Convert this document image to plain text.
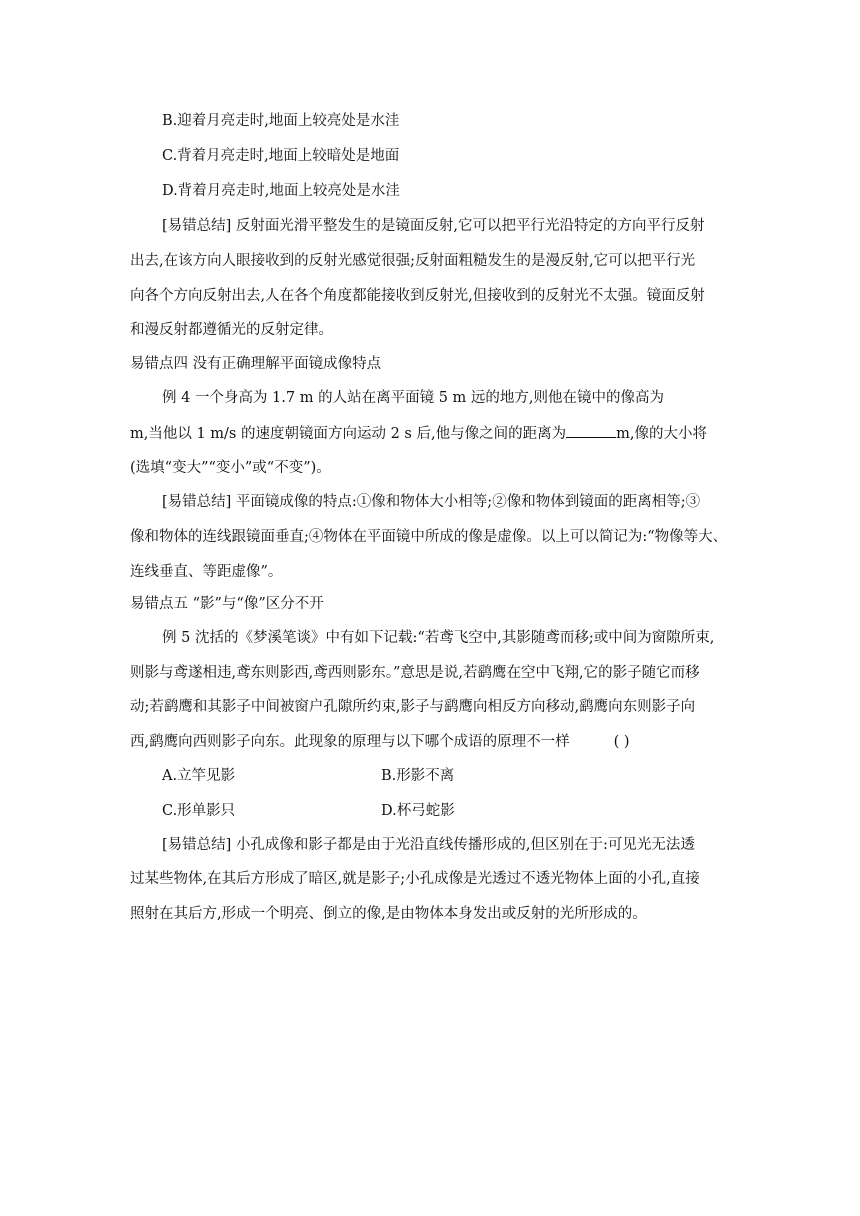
B.迎着月亮走时,地面上较亮处是水洼
C.背着月亮走时,地面上较暗处是地面
D.背着月亮走时,地面上较亮处是水洼
[易错总结] 反射面光滑平整发生的是镜面反射,它可以把平行光沿特定的方向平行反射
出去,在该方向人眼接收到的反射光感觉很强;反射面粗糙发生的是漫反射,它可以把平行光
向各个方向反射出去,人在各个角度都能接收到反射光,但接收到的反射光不太强。镜面反射
和漫反射都遵循光的反射定律。
易错点四 没有正确理解平面镜成像特点
例 4 一个身高为 1.7 m 的人站在离平面镜 5 m 远的地方,则他在镜中的像高为
m,当他以 1 m/s 的速度朝镜面方向运动 2 s 后,他与像之间的距离为	m,像的大小将
(选填“变大”“变小”或“不变”)。
[易错总结] 平面镜成像的特点:①像和物体大小相等;②像和物体到镜面的距离相等;③
像和物体的连线跟镜面垂直;④物体在平面镜中所成的像是虚像。以上可以简记为:“物像等大、
连线垂直、等距虚像”。
易错点五 “影”与“像”区分不开
例 5 沈括的《梦溪笔谈》中有如下记载:“若鸢飞空中,其影随鸢而移;或中间为窗隙所束,
则影与鸢遂相违,鸢东则影西,鸢西则影东。”意思是说,若鹞鹰在空中飞翔,它的影子随它而移
动;若鹞鹰和其影子中间被窗户孔隙所约束,影子与鹞鹰向相反方向移动,鹞鹰向东则影子向
西,鹞鹰向西则影子向东。此现象的原理与以下哪个成语的原理不一样	( )
A.立竿见影	B.形影不离
C.形单影只	D.杯弓蛇影
[易错总结] 小孔成像和影子都是由于光沿直线传播形成的,但区别在于:可见光无法透
过某些物体,在其后方形成了暗区,就是影子;小孔成像是光透过不透光物体上面的小孔,直接
照射在其后方,形成一个明亮、倒立的像,是由物体本身发出或反射的光所形成的。
